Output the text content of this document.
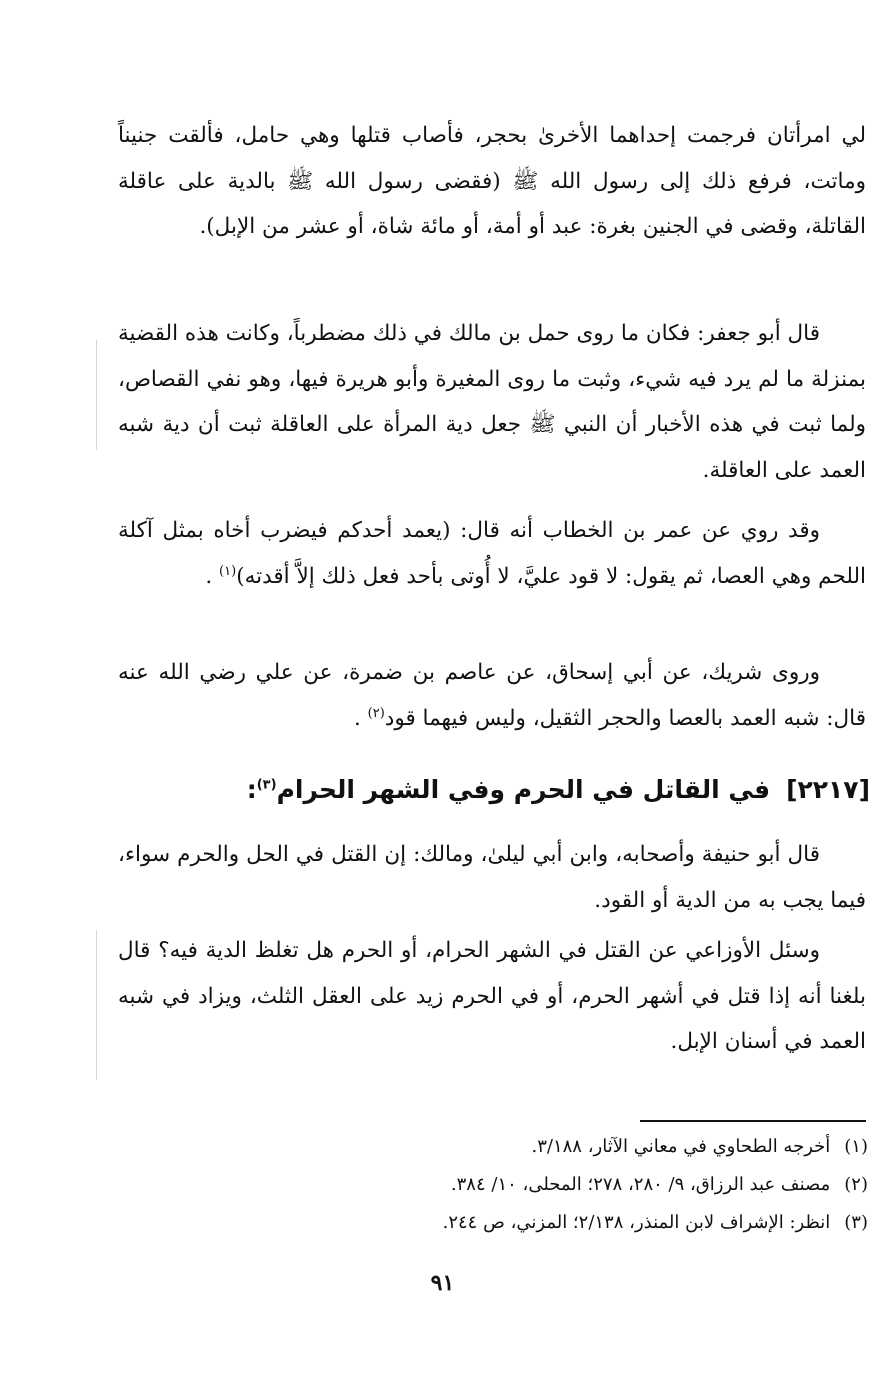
لي امرأتان فرجمت إحداهما الأخرىٰ بحجر، فأصاب قتلها وهي حامل، فألقت جنيناً وماتت، فرفع ذلك إلى رسول الله ﷺ (فقضى رسول الله ﷺ بالدية على عاقلة القاتلة، وقضى في الجنين بغرة: عبد أو أمة، أو مائة شاة، أو عشر من الإبل).

قال أبو جعفر: فكان ما روى حمل بن مالك في ذلك مضطرباً، وكانت هذه القضية بمنزلة ما لم يرد فيه شيء، وثبت ما روى المغيرة وأبو هريرة فيها، وهو نفي القصاص، ولما ثبت في هذه الأخبار أن النبي ﷺ جعل دية المرأة على العاقلة ثبت أن دية شبه العمد على العاقلة.

وقد روي عن عمر بن الخطاب أنه قال: (يعمد أحدكم فيضرب أخاه بمثل آكلة اللحم وهي العصا، ثم يقول: لا قود عليَّ، لا أُوتى بأحد فعل ذلك إلاَّ أقدته)$^{(١)}$ .

وروى شريك، عن أبي إسحاق، عن عاصم بن ضمرة، عن علي رضي الله عنه قال: شبه العمد بالعصا والحجر الثقيل، وليس فيهما قود$^{(٢)}$ .

[٢٢١٧]في القاتل في الحرم وفي الشهر الحرام$^{(٣)}$:

قال أبو حنيفة وأصحابه، وابن أبي ليلىٰ، ومالك: إن القتل في الحل والحرم سواء، فيما يجب به من الدية أو القود.

وسئل الأوزاعي عن القتل في الشهر الحرام، أو الحرم هل تغلظ الدية فيه؟ قال بلغنا أنه إذا قتل في أشهر الحرم، أو في الحرم زيد على العقل الثلث، ويزاد في شبه العمد في أسنان الإبل.

(١)أخرجه الطحاوي في معاني الآثار، ٣/١٨٨.

(٢)مصنف عبد الرزاق، ٩/ ٢٨٠، ٢٧٨؛ المحلى، ١٠/ ٣٨٤.

(٣)انظر: الإشراف لابن المنذر، ٢/١٣٨؛ المزني، ص ٢٤٤.

٩١
